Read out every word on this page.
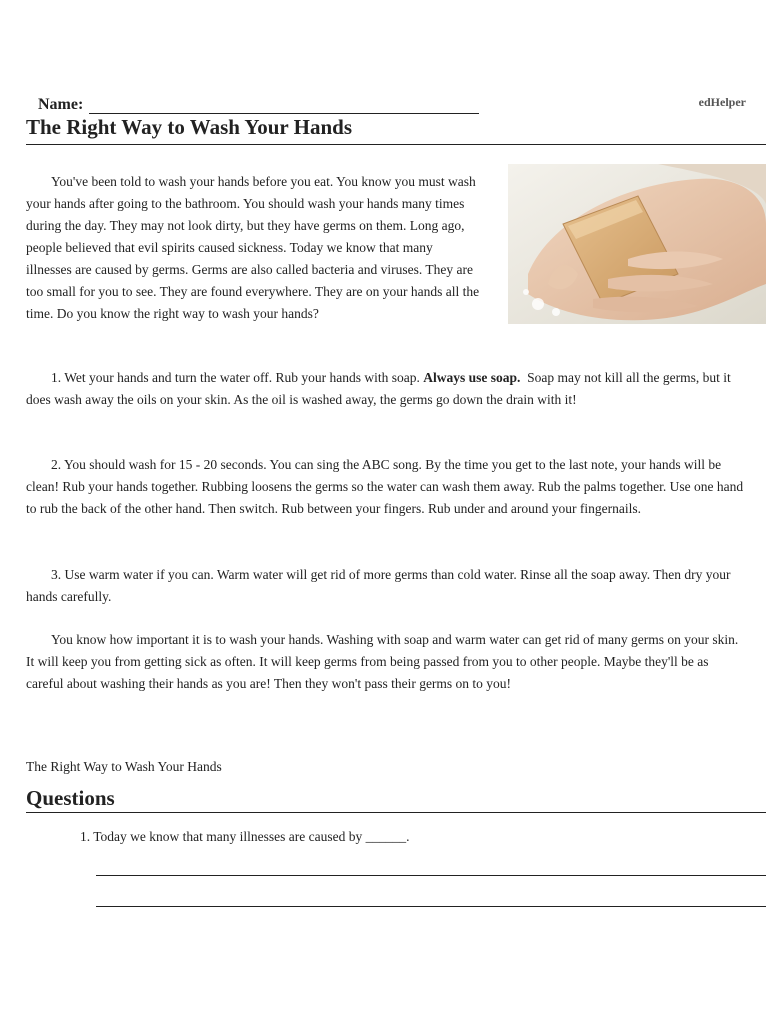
Name:	edHelper
The Right Way to Wash Your Hands

You've been told to wash your hands before you eat. You know you must wash your hands after going to the bathroom. You should wash your hands many times during the day. They may not look dirty, but they have germs on them. Long ago, people believed that evil spirits caused sickness. Today we know that many illnesses are caused by germs. Germs are also called bacteria and viruses. They are too small for you to see. They are found everywhere. They are on your hands all the time. Do you know the right way to wash your hands?

1. Wet your hands and turn the water off. Rub your hands with soap. Always use soap. Soap may not kill all the germs, but it does wash away the oils on your skin. As the oil is washed away, the germs go down the drain with it!

2. You should wash for 15 - 20 seconds. You can sing the ABC song. By the time you get to the last note, your hands will be clean! Rub your hands together. Rubbing loosens the germs so the water can wash them away. Rub the palms together. Use one hand to rub the back of the other hand. Then switch. Rub between your fingers. Rub under and around your fingernails.

3. Use warm water if you can. Warm water will get rid of more germs than cold water. Rinse all the soap away. Then dry your hands carefully.

You know how important it is to wash your hands. Washing with soap and warm water can get rid of many germs on your skin. It will keep you from getting sick as often. It will keep germs from being passed from you to other people. Maybe they'll be as careful about washing their hands as you are! Then they won't pass their germs on to you!

The Right Way to Wash Your Hands
Questions
1. Today we know that many illnesses are caused by ______.
